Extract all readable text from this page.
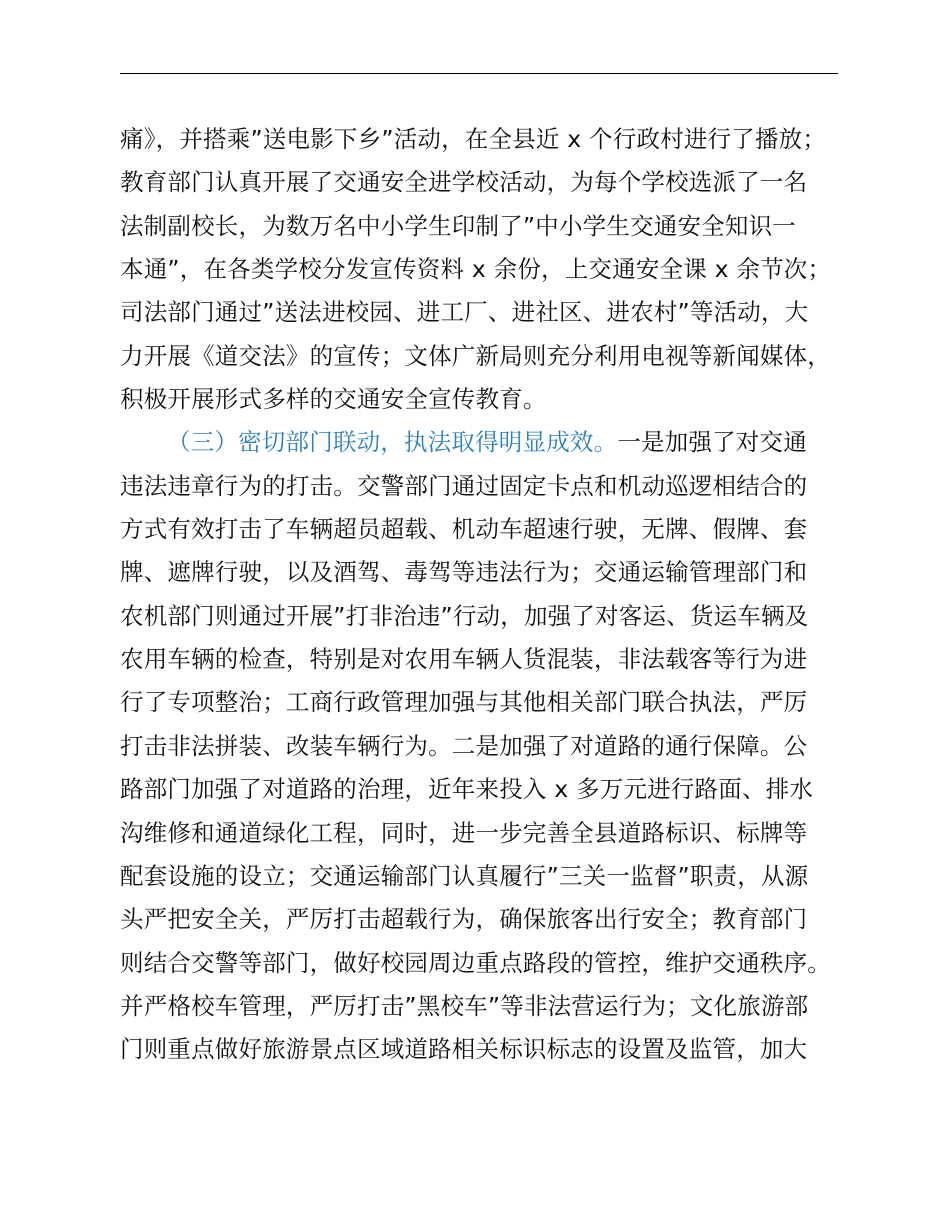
痛》，并搭乘”送电影下乡”活动，在全县近 x 个行政村进行了播放；
教育部门认真开展了交通安全进学校活动，为每个学校选派了一名
法制副校长，为数万名中小学生印制了”中小学生交通安全知识一
本通”，在各类学校分发宣传资料 x 余份，上交通安全课 x 余节次；
司法部门通过”送法进校园、进工厂、进社区、进农村”等活动，大
力开展《道交法》的宣传；文体广新局则充分利用电视等新闻媒体，
积极开展形式多样的交通安全宣传教育。
（三）密切部门联动，执法取得明显成效。一是加强了对交通
违法违章行为的打击。交警部门通过固定卡点和机动巡逻相结合的
方式有效打击了车辆超员超载、机动车超速行驶，无牌、假牌、套
牌、遮牌行驶，以及酒驾、毒驾等违法行为；交通运输管理部门和
农机部门则通过开展”打非治违”行动，加强了对客运、货运车辆及
农用车辆的检查，特别是对农用车辆人货混装，非法载客等行为进
行了专项整治；工商行政管理加强与其他相关部门联合执法，严厉
打击非法拼装、改装车辆行为。二是加强了对道路的通行保障。公
路部门加强了对道路的治理，近年来投入 x 多万元进行路面、排水
沟维修和通道绿化工程，同时，进一步完善全县道路标识、标牌等
配套设施的设立；交通运输部门认真履行”三关一监督”职责，从源
头严把安全关，严厉打击超载行为，确保旅客出行安全；教育部门
则结合交警等部门，做好校园周边重点路段的管控，维护交通秩序。
并严格校车管理，严厉打击”黑校车”等非法营运行为；文化旅游部
门则重点做好旅游景点区域道路相关标识标志的设置及监管，加大
